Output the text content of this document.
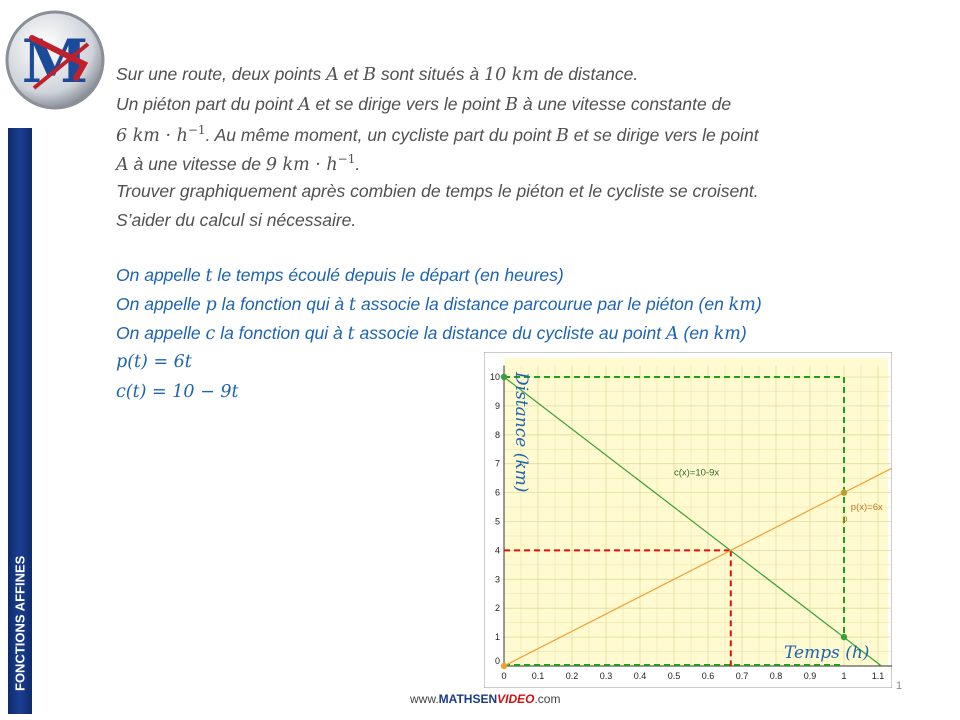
M
FONCTIONS AFFINES
Sur une route, deux points A et B sont situés à 10 km de distance.
Un piéton part du point A et se dirige vers le point B à une vitesse constante de
6 km · $h^{-1}$. Au même moment, un cycliste part du point B et se dirige vers le point
A à une vitesse de 9 km · $h^{-1}$.
Trouver graphiquement après combien de temps le piéton et le cycliste se croisent.
S’aider du calcul si nécessaire.
On appelle t le temps écoulé depuis le départ (en heures)
On appelle p la fonction qui à t associe la distance parcourue par le piéton (en km)
On appelle c la fonction qui à t associe la distance du cycliste au point A (en km)
p(t) = 6t
c(t) = 10 − 9t
0	0.1 0.2 0.3 0.4 0.5 0.6 0.7 0.8 0.9	1	1.1
1
2
3
4
5
6
7
8
9
10
0
c(x)=10-9x
p(x)=6x
p
Distance (km)
Temps (h)
www.MATHSENVIDEO.com
1
